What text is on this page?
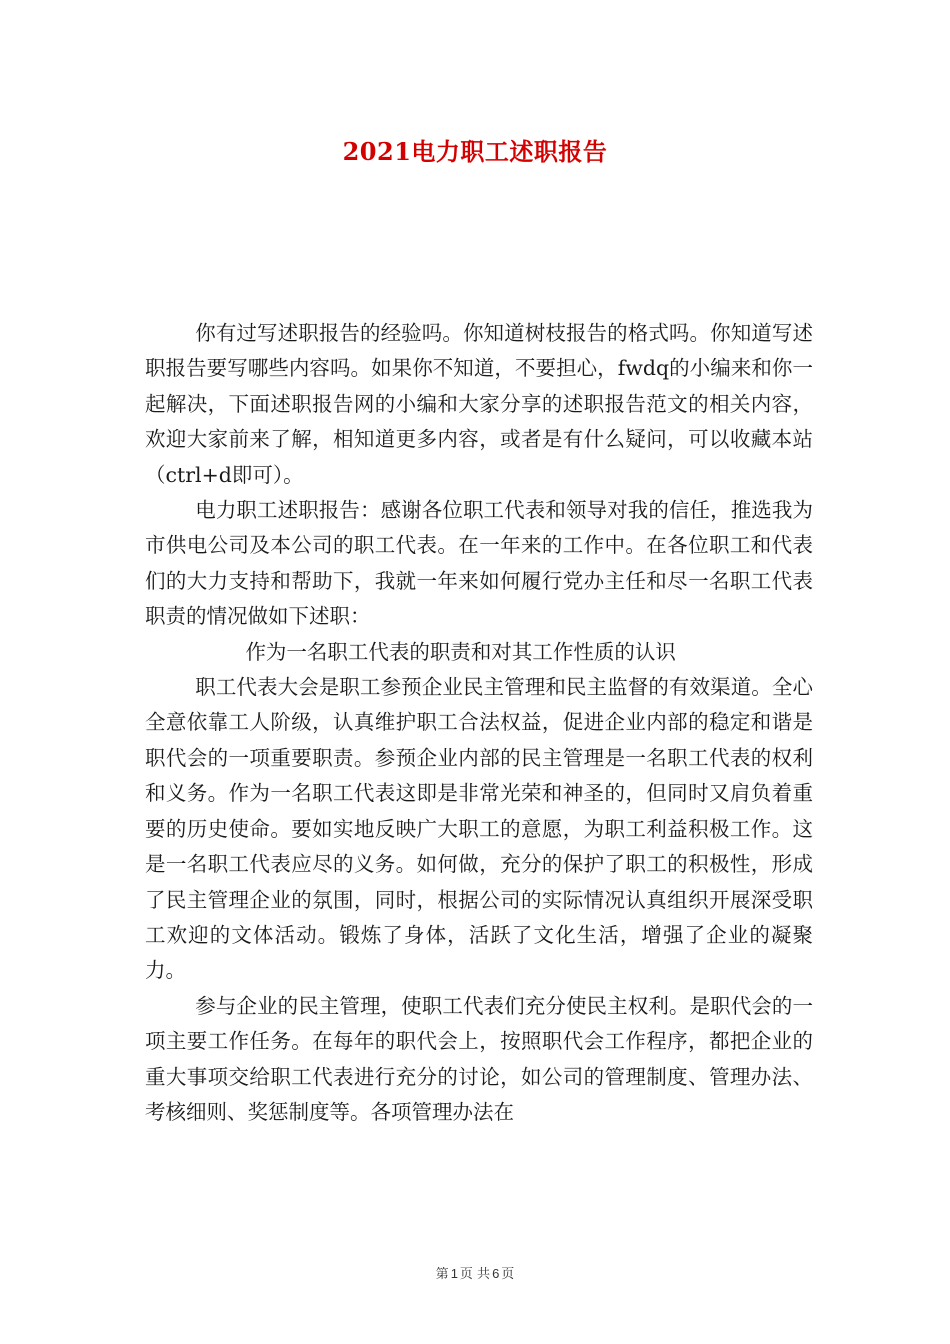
2021电力职工述职报告

你有过写述职报告的经验吗。你知道树枝报告的格式吗。你知道写述职报告要写哪些内容吗。如果你不知道，不要担心，fwdq的小编来和你一起解决，下面述职报告网的小编和大家分享的述职报告范文的相关内容，欢迎大家前来了解，相知道更多内容，或者是有什么疑问，可以收藏本站（ctrl+d即可）。

电力职工述职报告：感谢各位职工代表和领导对我的信任，推选我为市供电公司及本公司的职工代表。在一年来的工作中。在各位职工和代表们的大力支持和帮助下，我就一年来如何履行党办主任和尽一名职工代表职责的情况做如下述职：

作为一名职工代表的职责和对其工作性质的认识

职工代表大会是职工参预企业民主管理和民主监督的有效渠道。全心全意依靠工人阶级，认真维护职工合法权益，促进企业内部的稳定和谐是职代会的一项重要职责。参预企业内部的民主管理是一名职工代表的权利和义务。作为一名职工代表这即是非常光荣和神圣的，但同时又肩负着重要的历史使命。要如实地反映广大职工的意愿，为职工利益积极工作。这是一名职工代表应尽的义务。如何做，充分的保护了职工的积极性，形成了民主管理企业的氛围，同时，根据公司的实际情况认真组织开展深受职工欢迎的文体活动。锻炼了身体，活跃了文化生活，增强了企业的凝聚力。

参与企业的民主管理，使职工代表们充分使民主权利。是职代会的一项主要工作任务。在每年的职代会上，按照职代会工作程序，都把企业的重大事项交给职工代表进行充分的讨论，如公司的管理制度、管理办法、考核细则、奖惩制度等。各项管理办法在

第 1 页 共 6 页
